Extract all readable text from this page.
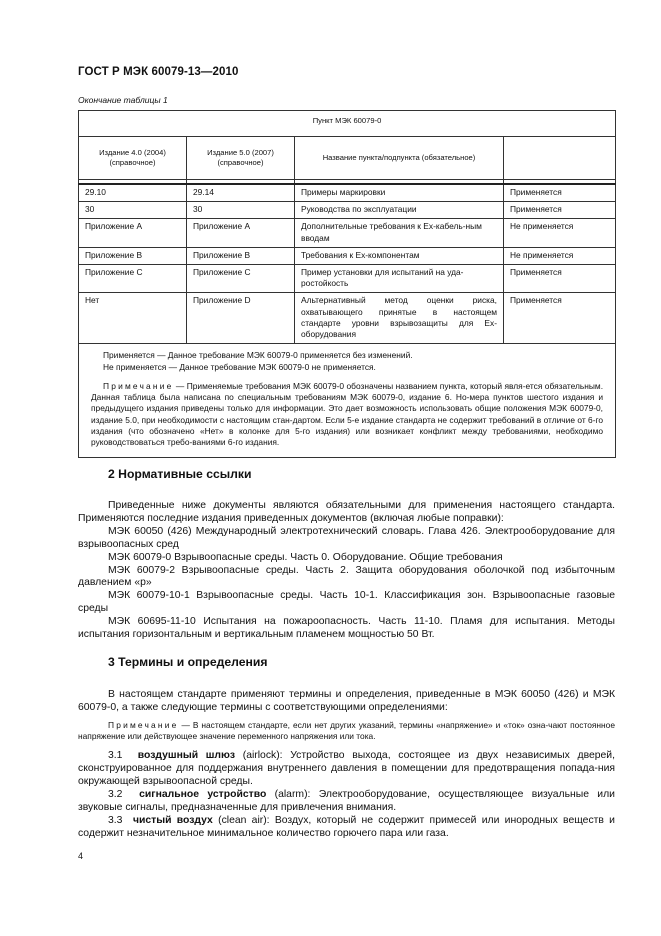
ГОСТ Р МЭК 60079-13—2010
Окончание таблицы 1
Пункт МЭК 60079-0			
Издание 4.0 (2004) (справочное)	Издание 5.0 (2007) (справочное)	Название пункта/подпункта (обязательное)	

29.10	29.14	Примеры маркировки	Применяется
30	30	Руководства по эксплуатации	Применяется
Приложение А	Приложение А	Дополнительные требования к Ex-кабель-ным вводам	Не применяется
Приложение В	Приложение В	Требования к Ex-компонентам	Не применяется
Приложение С	Приложение С	Пример установки для испытаний на уда-ростойкость	Применяется
Нет	Приложение D	Альтернативный метод оценки риска, охватывающего принятые в настоящем стандарте уровни взрывозащиты для Ex-оборудования	Применяется

Применяется — Данное требование МЭК 60079-0 применяется без изменений.

Не применяется — Данное требование МЭК 60079-0 не применяется.

Примечание — Применяемые требования МЭК 60079-0 обозначены названием пункта, который явля-ется обязательным. Данная таблица была написана по специальным требованиям МЭК 60079-0, издание 6. Но-мера пунктов шестого издания и предыдущего издания приведены только для информации. Это дает возможность использовать общие положения МЭК 60079-0, издание 5.0, при необходимости с настоящим стан-дартом. Если 5-е издание стандарта не содержит требований в отличие от 6-го издания (что обозначено «Нет» в колонке для 5-го издания) или возникает конфликт между требованиями, необходимо руководствоваться требо-ваниями 6-го издания.			

2 Нормативные ссылки

Приведенные ниже документы являются обязательными для применения настоящего стандарта. Применяются последние издания приведенных документов (включая любые поправки):

МЭК 60050 (426) Международный электротехнический словарь. Глава 426. Электрооборудование для взрывоопасных сред

МЭК 60079-0 Взрывоопасные среды. Часть 0. Оборудование. Общие требования

МЭК 60079-2 Взрывоопасные среды. Часть 2. Защита оборудования оболочкой под избыточным давлением «р»

МЭК 60079-10-1 Взрывоопасные среды. Часть 10-1. Классификация зон. Взрывоопасные газовые среды

МЭК 60695-11-10 Испытания на пожароопасность. Часть 11-10. Пламя для испытания. Методы испытания горизонтальным и вертикальным пламенем мощностью 50 Вт.

3 Термины и определения

В настоящем стандарте применяют термины и определения, приведенные в МЭК 60050 (426) и МЭК 60079-0, а также следующие термины с соответствующими определениями:

Примечание — В настоящем стандарте, если нет других указаний, термины «напряжение» и «ток» озна-чают постоянное напряжение или действующее значение переменного напряжения или тока.

3.1 воздушный шлюз (airlock): Устройство выхода, состоящее из двух независимых дверей, сконструированное для поддержания внутреннего давления в помещении для предотвращения попада-ния окружающей взрывоопасной среды.

3.2 сигнальное устройство (alarm): Электрооборудование, осуществляющее визуальные или звуковые сигналы, предназначенные для привлечения внимания.

3.3 чистый воздух (clean air): Воздух, который не содержит примесей или инородных веществ и содержит незначительное минимальное количество горючего пара или газа.

4
